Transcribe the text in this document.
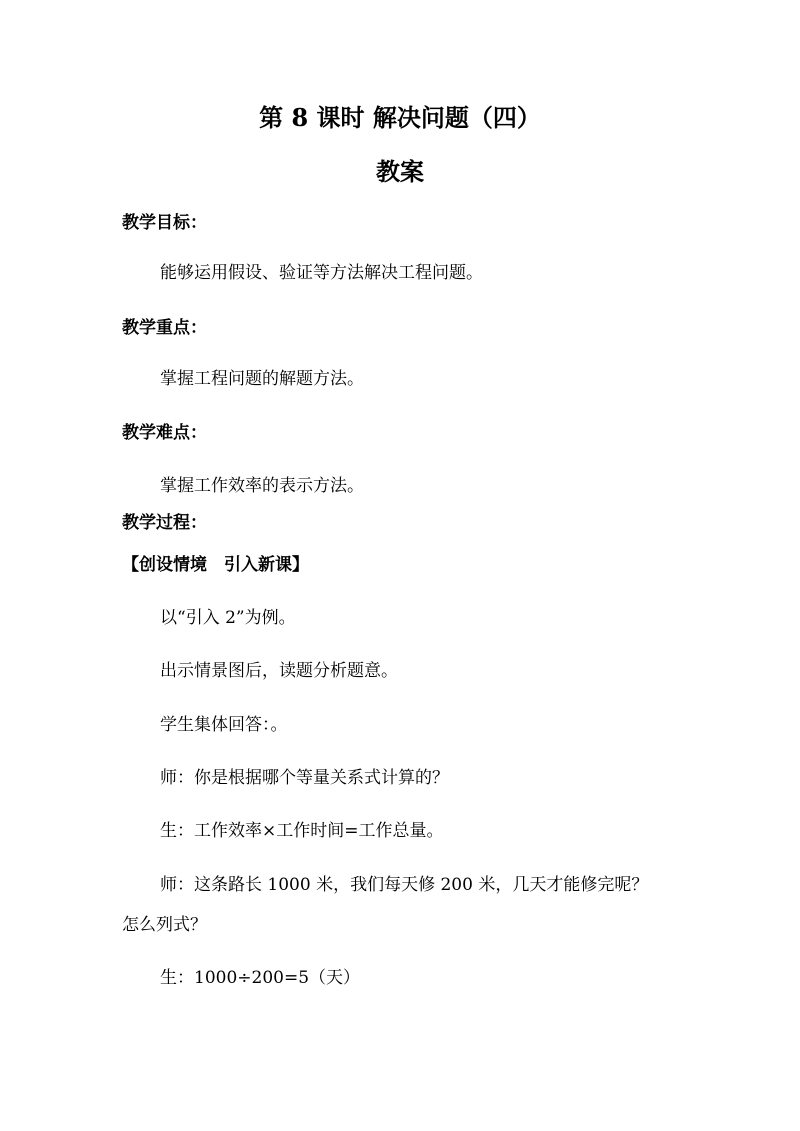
第 8 课时 解决问题（四）
教案
教学目标：
能够运用假设、验证等方法解决工程问题。
教学重点：
掌握工程问题的解题方法。
教学难点：
掌握工作效率的表示方法。
教学过程：
【创设情境　引入新课】
以“引入 2”为例。
出示情景图后，读题分析题意。
学生集体回答：。
师：你是根据哪个等量关系式计算的？
生：工作效率×工作时间=工作总量。
师：这条路长 1000 米，我们每天修 200 米，几天才能修完呢？
怎么列式？
生：1000÷200=5（天）
